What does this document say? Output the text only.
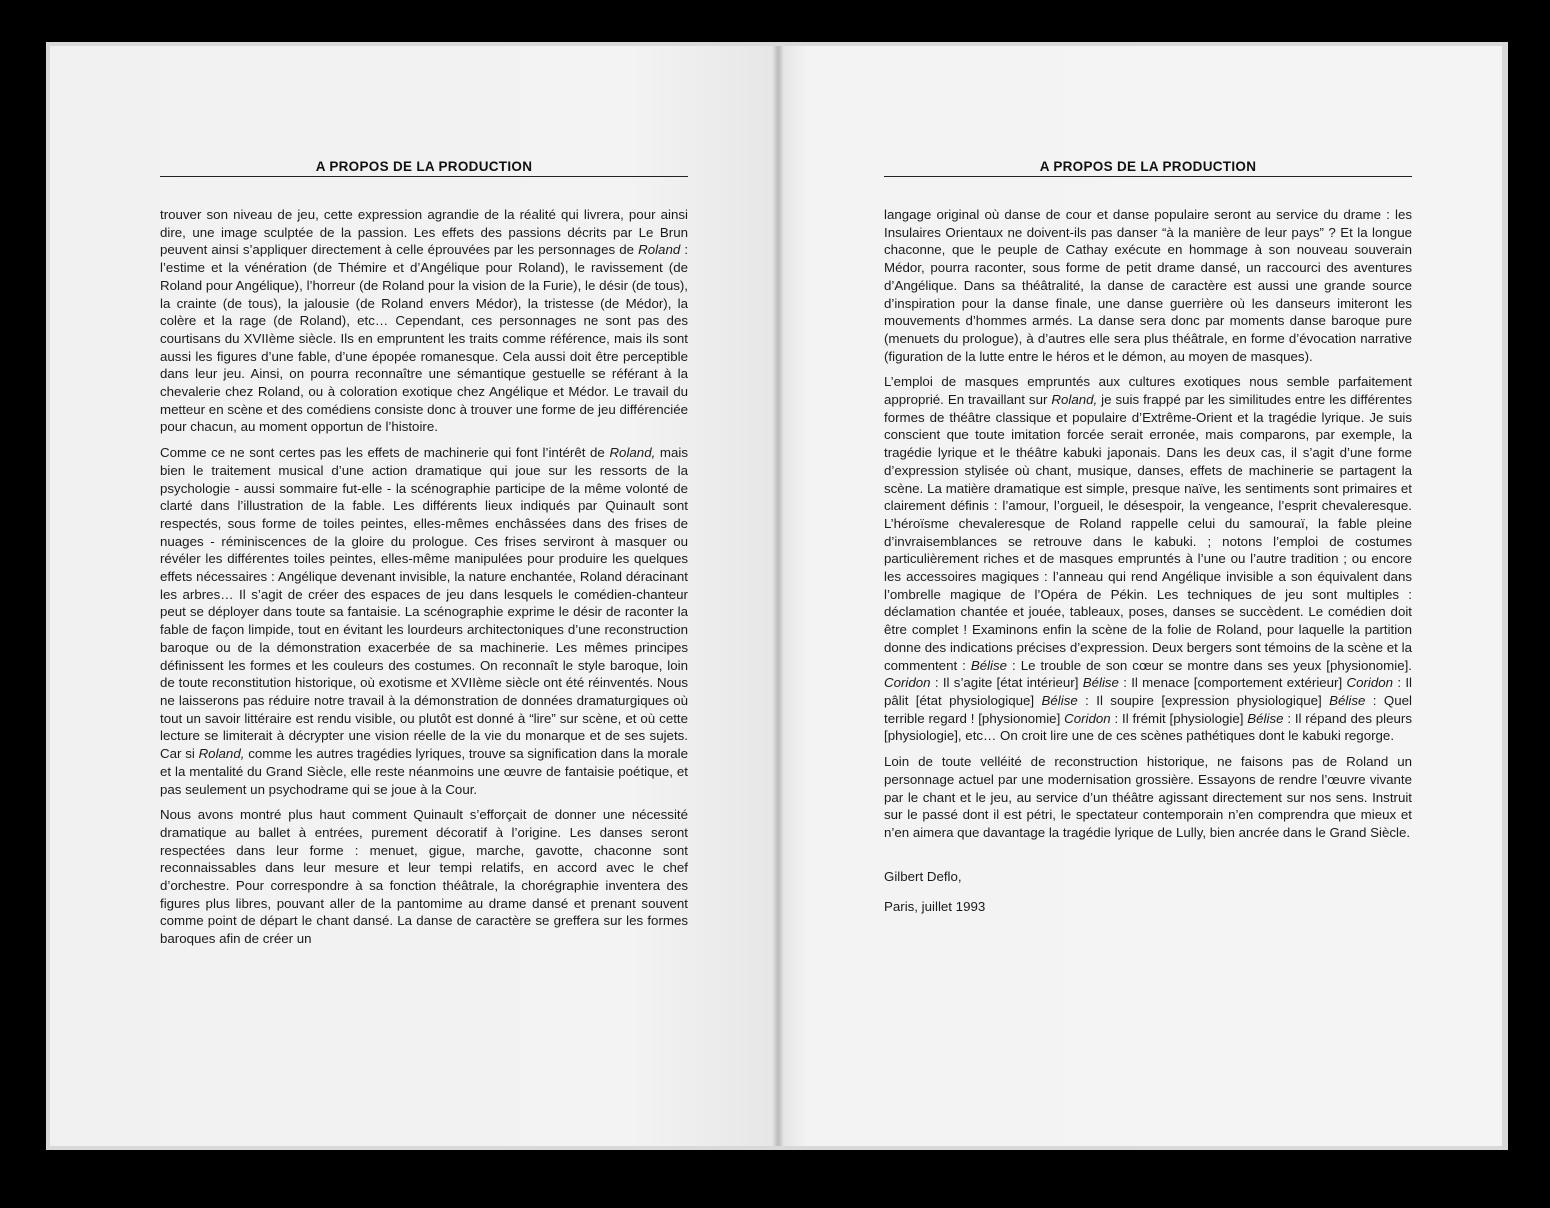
A PROPOS DE LA PRODUCTION

trouver son niveau de jeu, cette expression agrandie de la réalité qui livrera, pour ainsi dire, une image sculptée de la passion. Les effets des passions décrits par Le Brun peuvent ainsi s’appliquer directement à celle éprouvées par les personnages de Roland : l’estime et la vénération (de Thémire et d’Angélique pour Roland), le ravissement (de Roland pour Angélique), l’horreur (de Roland pour la vision de la Furie), le désir (de tous), la crainte (de tous), la jalousie (de Roland envers Médor), la tristesse (de Médor), la colère et la rage (de Roland), etc… Cependant, ces personnages ne sont pas des courtisans du XVIIème siècle. Ils en empruntent les traits comme référence, mais ils sont aussi les figures d’une fable, d’une épopée romanesque. Cela aussi doit être perceptible dans leur jeu. Ainsi, on pourra reconnaître une sémantique gestuelle se référant à la chevalerie chez Roland, ou à coloration exotique chez Angélique et Médor. Le travail du metteur en scène et des comédiens consiste donc à trouver une forme de jeu différenciée pour chacun, au moment opportun de l’histoire.

Comme ce ne sont certes pas les effets de machinerie qui font l’intérêt de Roland, mais bien le traitement musical d’une action dramatique qui joue sur les ressorts de la psychologie - aussi sommaire fut-elle - la scénographie participe de la même volonté de clarté dans l’illustration de la fable. Les différents lieux indiqués par Quinault sont respectés, sous forme de toiles peintes, elles-mêmes enchâssées dans des frises de nuages - réminiscences de la gloire du prologue. Ces frises serviront à masquer ou révéler les différentes toiles peintes, elles-même manipulées pour produire les quelques effets nécessaires : Angélique devenant invisible, la nature enchantée, Roland déracinant les arbres… Il s’agit de créer des espaces de jeu dans lesquels le comédien-chanteur peut se déployer dans toute sa fantaisie. La scénographie exprime le désir de raconter la fable de façon limpide, tout en évitant les lourdeurs architectoniques d’une reconstruction baroque ou de la démonstration exacerbée de sa machinerie. Les mêmes principes définissent les formes et les couleurs des costumes. On reconnaît le style baroque, loin de toute reconstitution historique, où exotisme et XVIIème siècle ont été réinventés. Nous ne laisserons pas réduire notre travail à la démonstration de données dramaturgiques où tout un savoir littéraire est rendu visible, ou plutôt est donné à “lire” sur scène, et où cette lecture se limiterait à décrypter une vision réelle de la vie du monarque et de ses sujets. Car si Roland, comme les autres tragédies lyriques, trouve sa signification dans la morale et la mentalité du Grand Siècle, elle reste néanmoins une œuvre de fantaisie poétique, et pas seulement un psychodrame qui se joue à la Cour.

Nous avons montré plus haut comment Quinault s’efforçait de donner une nécessité dramatique au ballet à entrées, purement décoratif à l’origine. Les danses seront respectées dans leur forme : menuet, gigue, marche, gavotte, chaconne sont reconnaissables dans leur mesure et leur tempi relatifs, en accord avec le chef d’orchestre. Pour correspondre à sa fonction théâtrale, la chorégraphie inventera des figures plus libres, pouvant aller de la pantomime au drame dansé et prenant souvent comme point de départ le chant dansé. La danse de caractère se greffera sur les formes baroques afin de créer un

A PROPOS DE LA PRODUCTION

langage original où danse de cour et danse populaire seront au service du drame : les Insulaires Orientaux ne doivent-ils pas danser “à la manière de leur pays” ? Et la longue chaconne, que le peuple de Cathay exécute en hommage à son nouveau souverain Médor, pourra raconter, sous forme de petit drame dansé, un raccourci des aventures d’Angélique. Dans sa théâtralité, la danse de caractère est aussi une grande source d’inspiration pour la danse finale, une danse guerrière où les danseurs imiteront les mouvements d’hommes armés. La danse sera donc par moments danse baroque pure (menuets du prologue), à d’autres elle sera plus théâtrale, en forme d’évocation narrative (figuration de la lutte entre le héros et le démon, au moyen de masques).

L’emploi de masques empruntés aux cultures exotiques nous semble parfaitement approprié. En travaillant sur Roland, je suis frappé par les similitudes entre les différentes formes de théâtre classique et populaire d’Extrême-Orient et la tragédie lyrique. Je suis conscient que toute imitation forcée serait erronée, mais comparons, par exemple, la tragédie lyrique et le théâtre kabuki japonais. Dans les deux cas, il s’agit d’une forme d’expression stylisée où chant, musique, danses, effets de machinerie se partagent la scène. La matière dramatique est simple, presque naïve, les sentiments sont primaires et clairement définis : l’amour, l’orgueil, le désespoir, la vengeance, l’esprit chevaleresque. L’héroïsme chevaleresque de Roland rappelle celui du samouraï, la fable pleine d’invraisemblances se retrouve dans le kabuki. ; notons l’emploi de costumes particulièrement riches et de masques empruntés à l’une ou l’autre tradition ; ou encore les accessoires magiques : l’anneau qui rend Angélique invisible a son équivalent dans l’ombrelle magique de l’Opéra de Pékin. Les techniques de jeu sont multiples : déclamation chantée et jouée, tableaux, poses, danses se succèdent. Le comédien doit être complet ! Examinons enfin la scène de la folie de Roland, pour laquelle la partition donne des indications précises d’expression. Deux bergers sont témoins de la scène et la commentent : Bélise : Le trouble de son cœur se montre dans ses yeux [physionomie]. Coridon : Il s’agite [état intérieur] Bélise : Il menace [comportement extérieur] Coridon : Il pâlit [état physiologique] Bélise : Il soupire [expression physiologique] Bélise : Quel terrible regard ! [physionomie] Coridon : Il frémit [physiologie] Bélise : Il répand des pleurs [physiologie], etc… On croit lire une de ces scènes pathétiques dont le kabuki regorge.

Loin de toute velléité de reconstruction historique, ne faisons pas de Roland un personnage actuel par une modernisation grossière. Essayons de rendre l’œuvre vivante par le chant et le jeu, au service d’un théâtre agissant directement sur nos sens. Instruit sur le passé dont il est pétri, le spectateur contemporain n’en comprendra que mieux et n’en aimera que davantage la tragédie lyrique de Lully, bien ancrée dans le Grand Siècle.

Gilbert Deflo,

Paris, juillet 1993
